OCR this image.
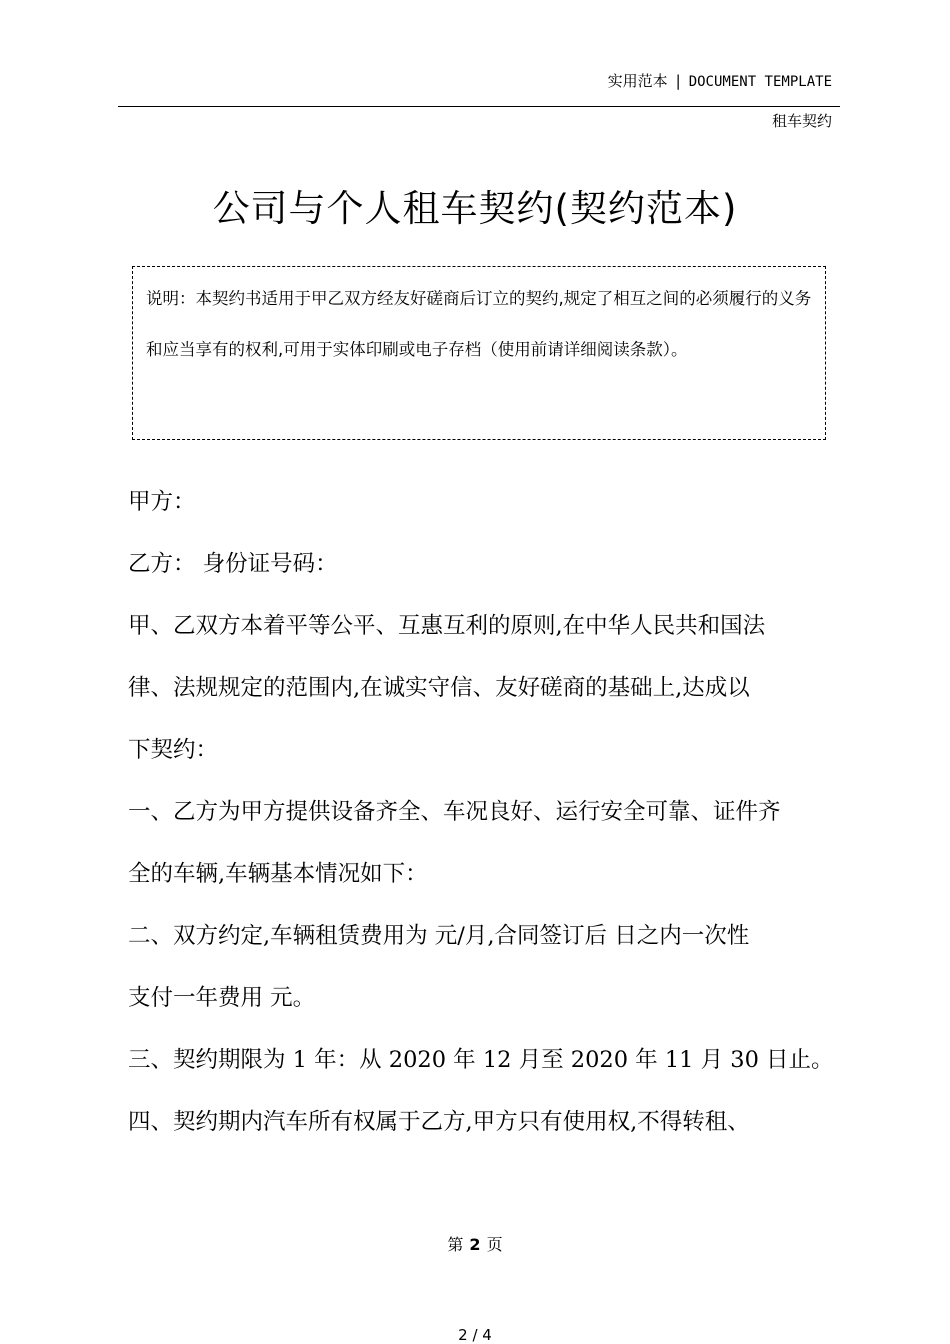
实用范本 | DOCUMENT TEMPLATE
租车契约
公司与个人租车契约(契约范本)

说明：本契约书适用于甲乙双方经友好磋商后订立的契约,规定了相互之间的必须履行的义务和应当享有的权利,可用于实体印刷或电子存档（使用前请详细阅读条款）。

甲方：
乙方： 身份证号码：
甲、乙双方本着平等公平、互惠互利的原则,在中华人民共和国法
律、法规规定的范围内,在诚实守信、友好磋商的基础上,达成以
下契约：
一、乙方为甲方提供设备齐全、车况良好、运行安全可靠、证件齐
全的车辆,车辆基本情况如下：
二、双方约定,车辆租赁费用为 元/月,合同签订后 日之内一次性
支付一年费用 元。
三、契约期限为 1 年：从 2020 年 12 月至 2020 年 11 月 30 日止。
四、契约期内汽车所有权属于乙方,甲方只有使用权,不得转租、
第 2 页
2 / 4
